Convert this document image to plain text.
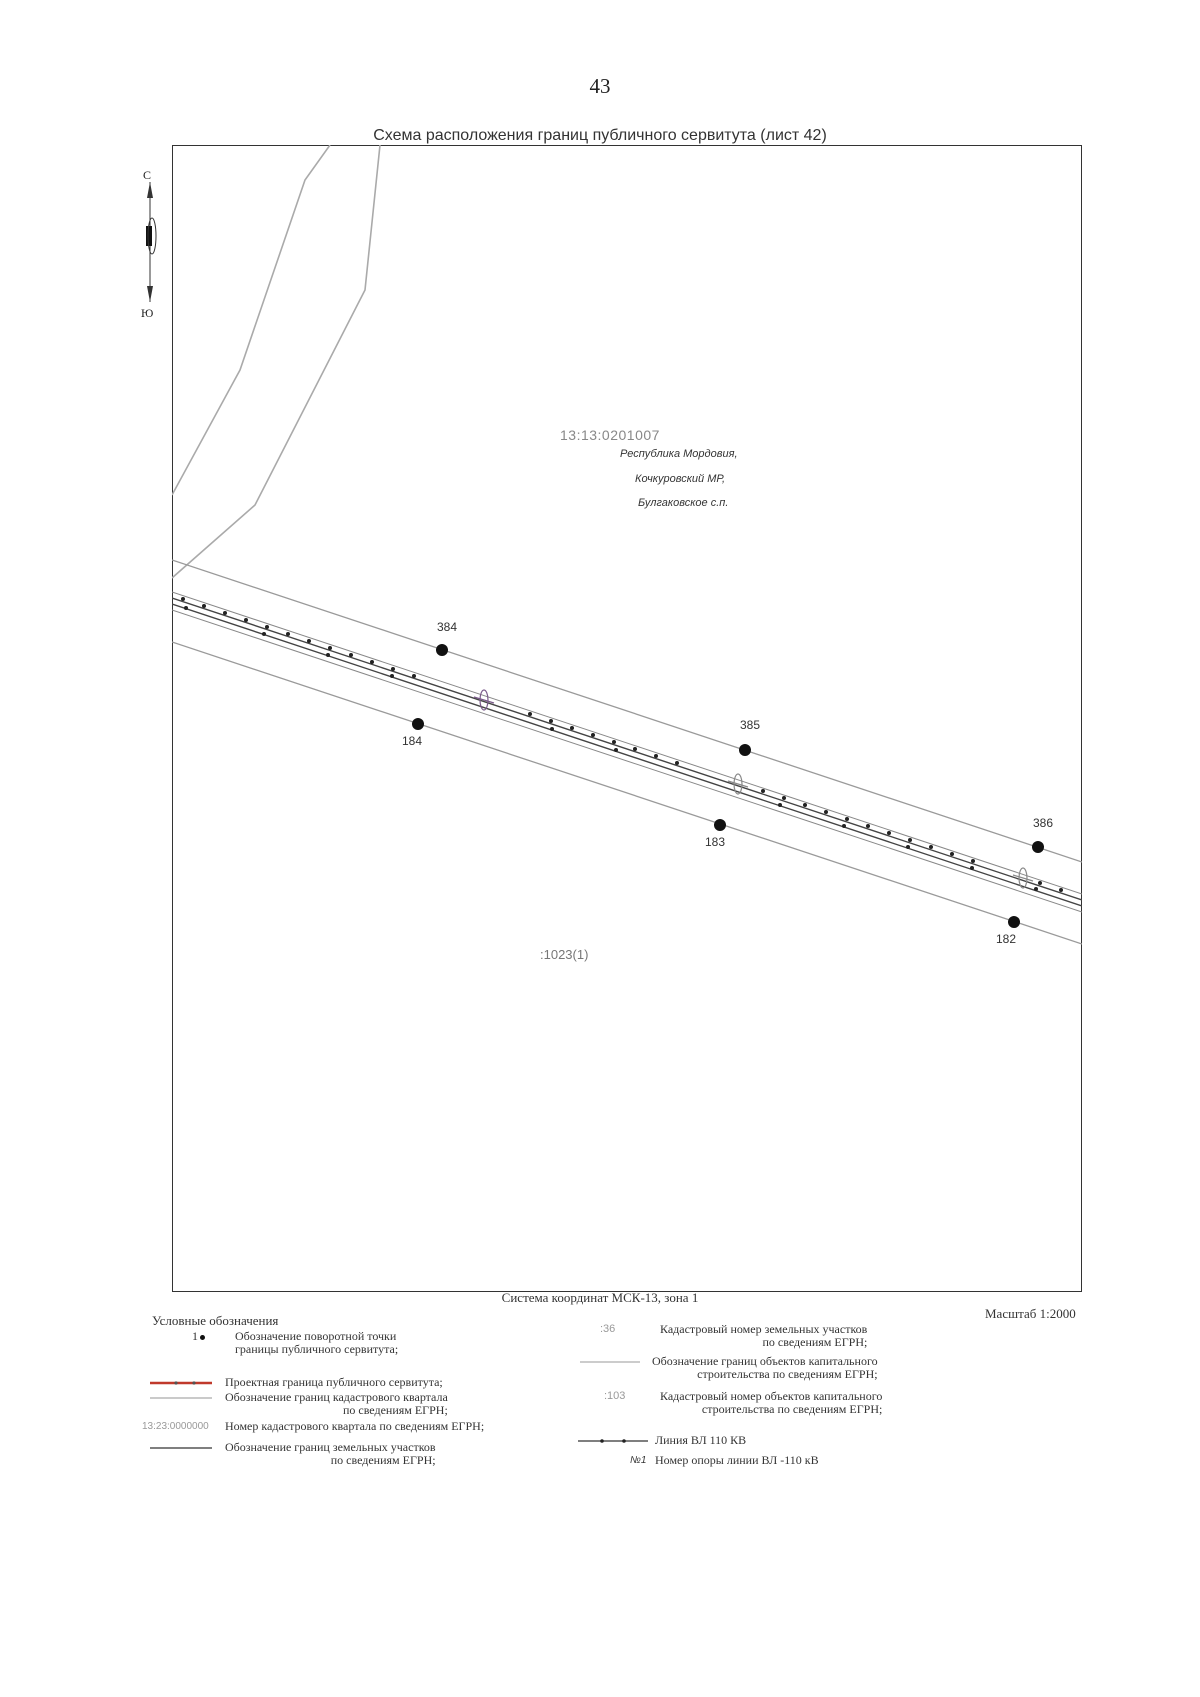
43
Схема расположения границ публичного сервитута (лист 42)
С
Ю
13:13:0201007
Республика Мордовия,
Кочкуровский МР,
Булгаковское с.п.
:1023(1)
384
385
386
184
183
182
Система координат МСК-13, зона 1
Масштаб 1:2000
Условные обозначения
1	Обозначение поворотной точки
границы публичного сервитута;
Проектная граница публичного сервитута;
Обозначение границ кадастрового квартала
по сведениям ЕГРН;
13:23:0000000 Номер кадастрового квартала по сведениям ЕГРН;
Обозначение границ земельных участков
по сведениям ЕГРН;
:36	Кадастровый номер земельных участков
по сведениям ЕГРН;
Обозначение границ объектов капитального
строительства по сведениям ЕГРН;
:103	Кадастровый номер объектов капитального
строительства по сведениям ЕГРН;
Линия ВЛ 110 КВ
№1 Номер опоры линии ВЛ -110 кВ
